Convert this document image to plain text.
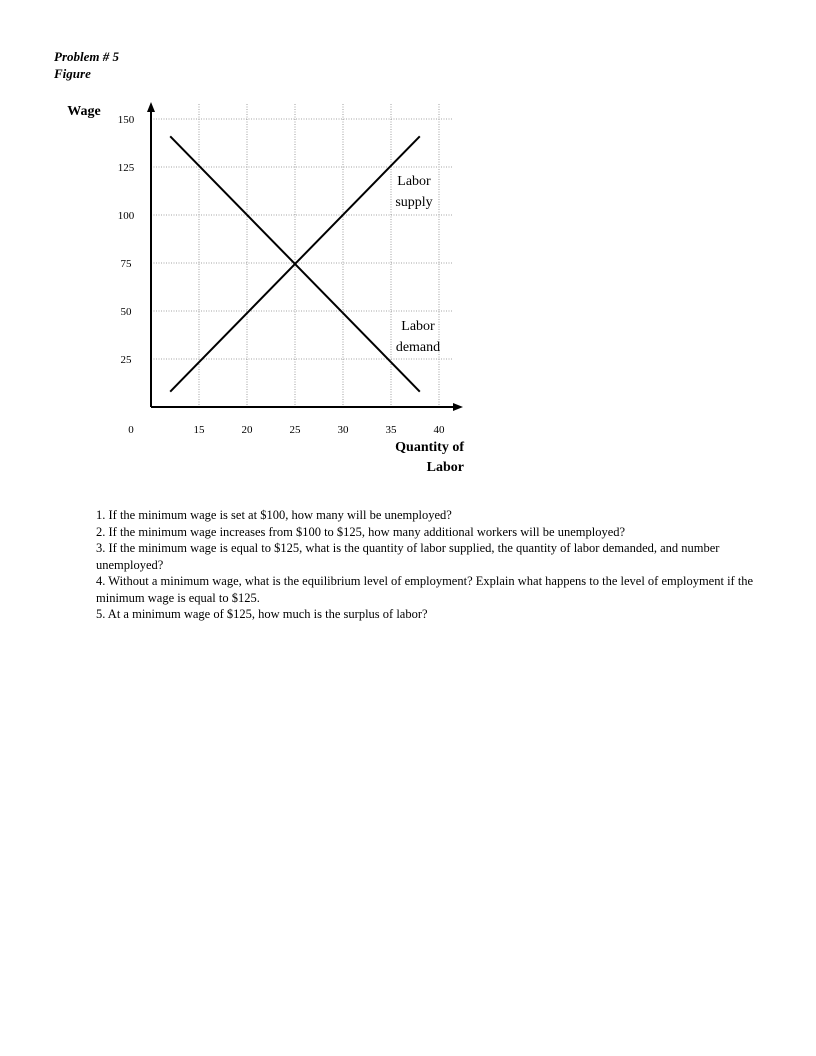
Problem # 5
Figure
25
50
75
100
125
150
15	20	25	30	35	40
0
Wage
Quantity of
Labor
Labor
supply
Labor
demand
1. If the minimum wage is set at $100, how many will be unemployed?
2. If the minimum wage increases from $100 to $125, how many additional workers will be unemployed?
3. If the minimum wage is equal to $125, what is the quantity of labor supplied, the quantity of labor demanded, and number unemployed?
4. Without a minimum wage, what is the equilibrium level of employment? Explain what happens to the level of employment if the minimum wage is equal to $125.
5. At a minimum wage of $125, how much is the surplus of labor?
